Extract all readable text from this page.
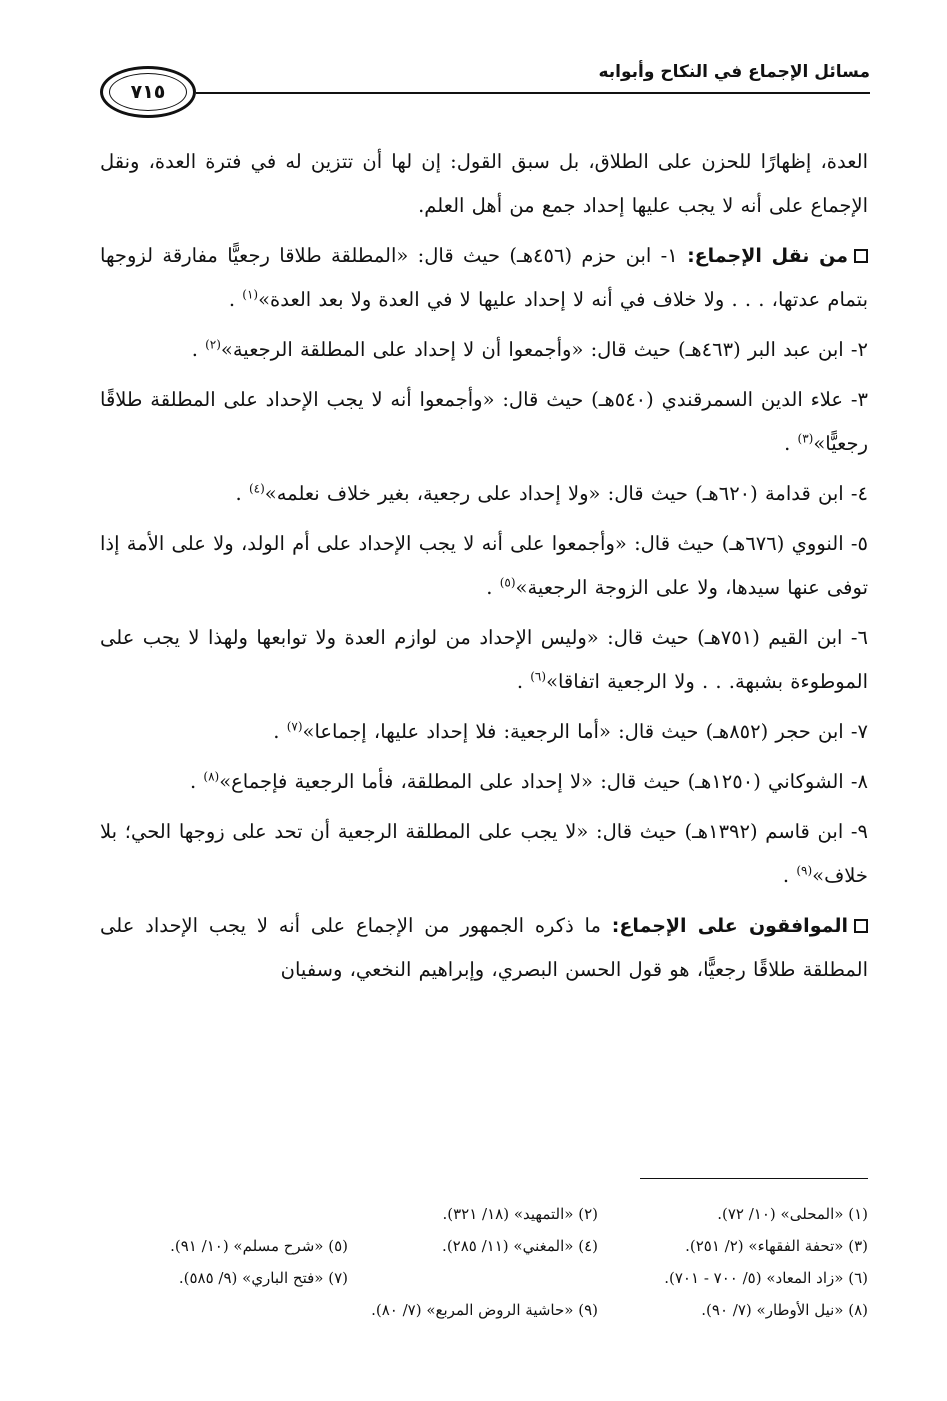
مسائل الإجماع في النكاح وأبوابه
٧١٥

العدة، إظهارًا للحزن على الطلاق، بل سبق القول: إن لها أن تتزين له في فترة العدة، ونقل الإجماع على أنه لا يجب عليها إحداد جمع من أهل العلم.

من نقل الإجماع: ١- ابن حزم (٤٥٦هـ) حيث قال: «المطلقة طلاقا رجعيًّا مفارقة لزوجها بتمام عدتها، . . . ولا خلاف في أنه لا إحداد عليها لا في العدة ولا بعد العدة»$^{(١)}$ .

٢- ابن عبد البر (٤٦٣هـ) حيث قال: «وأجمعوا أن لا إحداد على المطلقة الرجعية»$^{(٢)}$ .

٣- علاء الدين السمرقندي (٥٤٠هـ) حيث قال: «وأجمعوا أنه لا يجب الإحداد على المطلقة طلاقًا رجعيًّا»$^{(٣)}$ .

٤- ابن قدامة (٦٢٠هـ) حيث قال: «ولا إحداد على رجعية، بغير خلاف نعلمه»$^{(٤)}$ .

٥- النووي (٦٧٦هـ) حيث قال: «وأجمعوا على أنه لا يجب الإحداد على أم الولد، ولا على الأمة إذا توفى عنها سيدها، ولا على الزوجة الرجعية»$^{(٥)}$ .

٦- ابن القيم (٧٥١هـ) حيث قال: «وليس الإحداد من لوازم العدة ولا توابعها ولهذا لا يجب على الموطوءة بشبهة. . . ولا الرجعية اتفاقا»$^{(٦)}$ .

٧- ابن حجر (٨٥٢هـ) حيث قال: «أما الرجعية: فلا إحداد عليها، إجماعا»$^{(٧)}$ .

٨- الشوكاني (١٢٥٠هـ) حيث قال: «لا إحداد على المطلقة، فأما الرجعية فإجماع»$^{(٨)}$ .

٩- ابن قاسم (١٣٩٢هـ) حيث قال: «لا يجب على المطلقة الرجعية أن تحد على زوجها الحي؛ بلا خلاف»$^{(٩)}$ .

الموافقون على الإجماع: ما ذكره الجمهور من الإجماع على أنه لا يجب الإحداد على المطلقة طلاقًا رجعيًّا، هو قول الحسن البصري، وإبراهيم النخعي، وسفيان

(١) «المحلى» (١٠/ ٧٢).
(٢) «التمهيد» (١٨/ ٣٢١).
(٣) «تحفة الفقهاء» (٢/ ٢٥١).
(٤) «المغني» (١١/ ٢٨٥).
(٥) «شرح مسلم» (١٠/ ٩١).
(٦) «زاد المعاد» (٥/ ٧٠٠ - ٧٠١).
(٧) «فتح الباري» (٩/ ٥٨٥).
(٨) «نيل الأوطار» (٧/ ٩٠).
(٩) «حاشية الروض المربع» (٧/ ٨٠).
